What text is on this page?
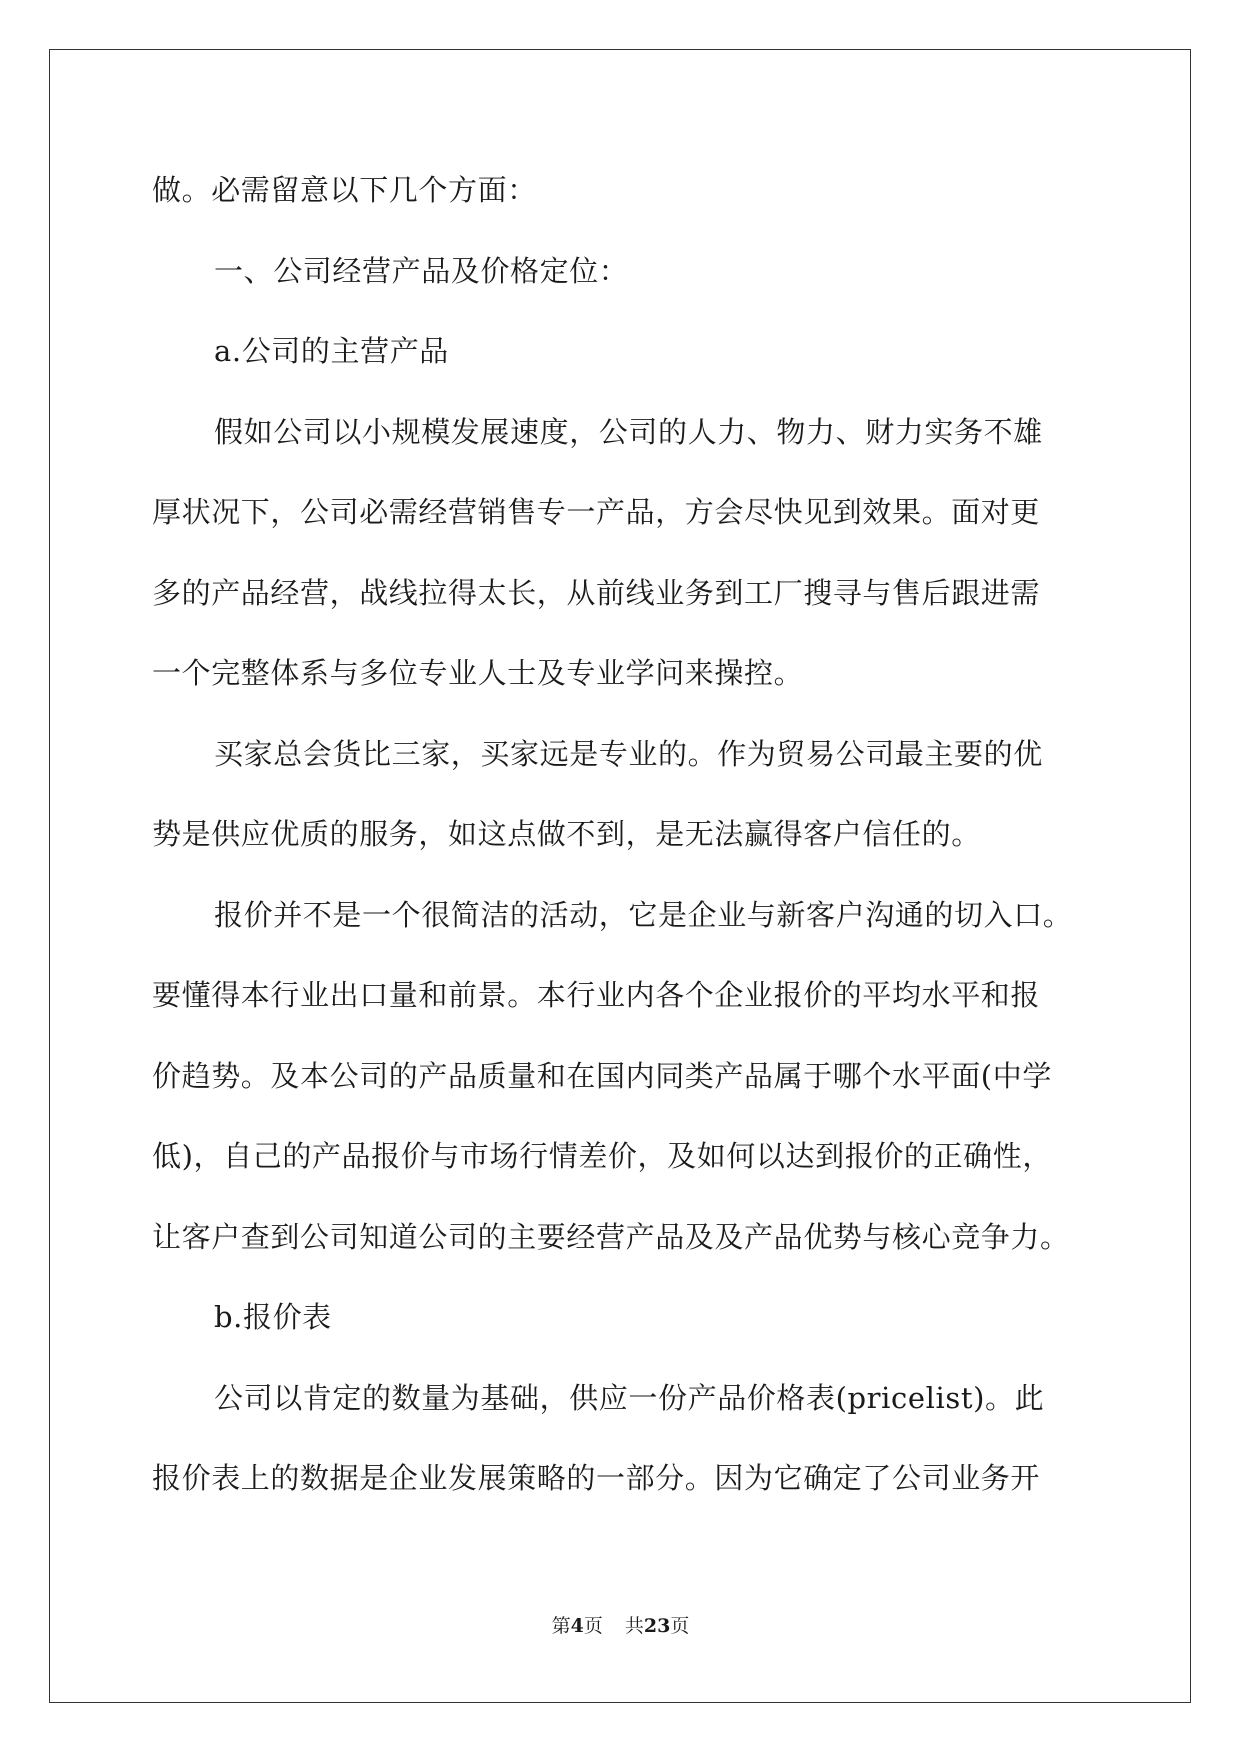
做。必需留意以下几个方面：
一、公司经营产品及价格定位：
a.公司的主营产品
假如公司以小规模发展速度，公司的人力、物力、财力实务不雄
厚状况下，公司必需经营销售专一产品，方会尽快见到效果。面对更
多的产品经营，战线拉得太长，从前线业务到工厂搜寻与售后跟进需
一个完整体系与多位专业人士及专业学问来操控。
买家总会货比三家，买家远是专业的。作为贸易公司最主要的优
势是供应优质的服务，如这点做不到，是无法赢得客户信任的。
报价并不是一个很简洁的活动，它是企业与新客户沟通的切入口。
要懂得本行业出口量和前景。本行业内各个企业报价的平均水平和报
价趋势。及本公司的产品质量和在国内同类产品属于哪个水平面(中学
低)，自己的产品报价与市场行情差价，及如何以达到报价的正确性，
让客户查到公司知道公司的主要经营产品及及产品优势与核心竞争力。
b.报价表
公司以肯定的数量为基础，供应一份产品价格表(pricelist)。此
报价表上的数据是企业发展策略的一部分。因为它确定了公司业务开
第4页 共23页
